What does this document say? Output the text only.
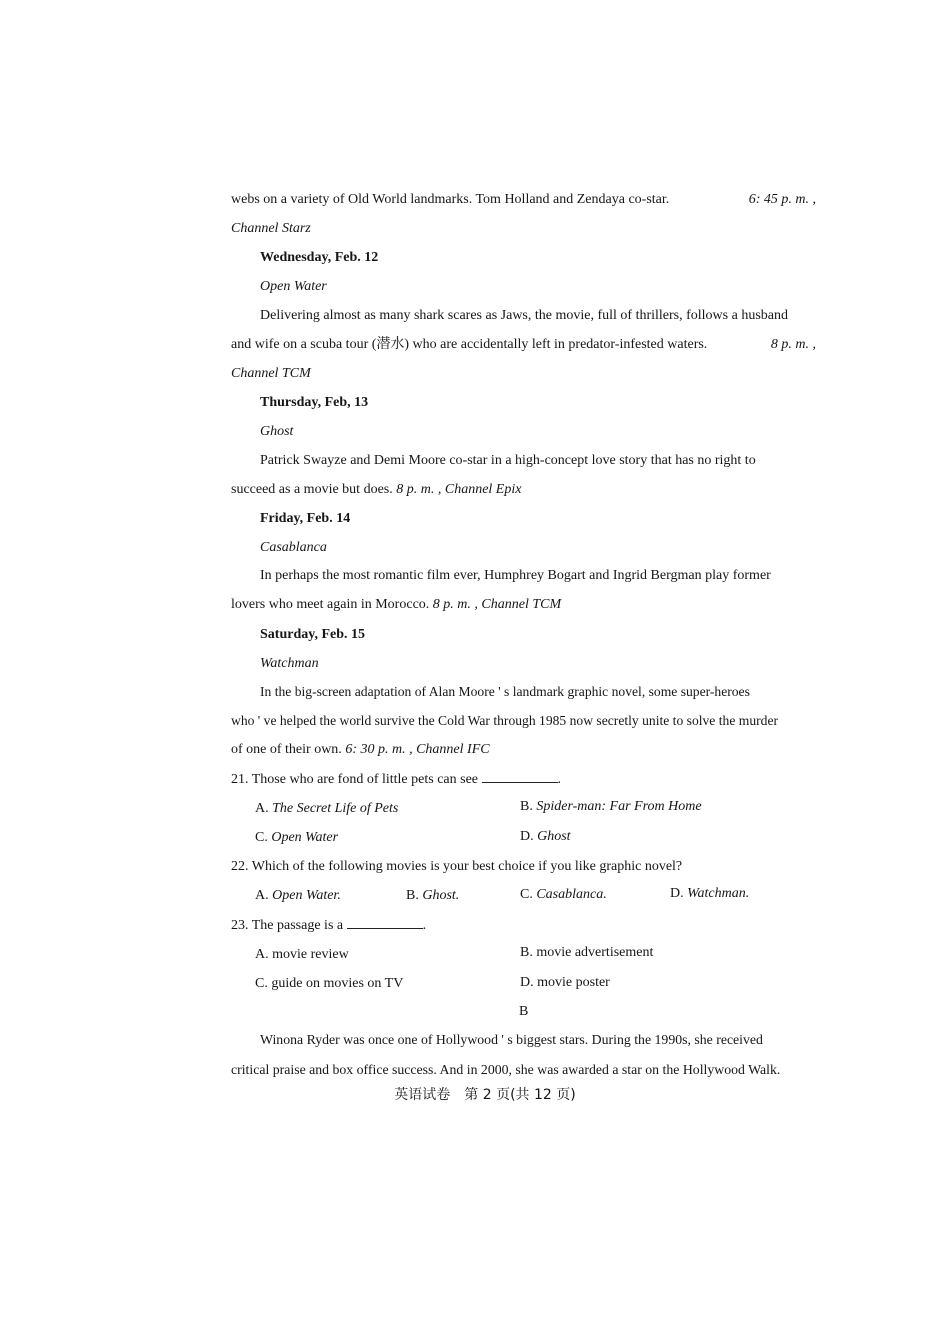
webs on a variety of Old World landmarks. Tom Holland and Zendaya co-star.	6: 45 p. m. ,
Channel Starz
Wednesday, Feb. 12
Open Water
Delivering almost as many shark scares as Jaws, the movie, full of thrillers, follows a husband
and wife on a scuba tour (潜水) who are accidentally left in predator-infested waters.	8 p. m. ,
Channel TCM
Thursday, Feb, 13
Ghost
Patrick Swayze and Demi Moore co-star in a high-concept love story that has no right to
succeed as a movie but does. 8 p. m. , Channel Epix
Friday, Feb. 14
Casablanca
In perhaps the most romantic film ever, Humphrey Bogart and Ingrid Bergman play former
lovers who meet again in Morocco. 8 p. m. , Channel TCM
Saturday, Feb. 15
Watchman
In the big-screen adaptation of Alan Moore ' s landmark graphic novel, some super-heroes
who ' ve helped the world survive the Cold War through 1985 now secretly unite to solve the murder
of one of their own. 6: 30 p. m. , Channel IFC
21. Those who are fond of little pets can see	.
A. The Secret Life of Pets	B. Spider-man: Far From Home
C. Open Water	D. Ghost
22. Which of the following movies is your best choice if you like graphic novel?
A. Open Water.	B. Ghost.	C. Casablanca.	D. Watchman.
23. The passage is a	.
A. movie review	B. movie advertisement
C. guide on movies on TV	D. movie poster
B
Winona Ryder was once one of Hollywood ' s biggest stars. During the 1990s, she received
critical praise and box office success. And in 2000, she was awarded a star on the Hollywood Walk.
英语试卷　第 2 页(共 12 页)
